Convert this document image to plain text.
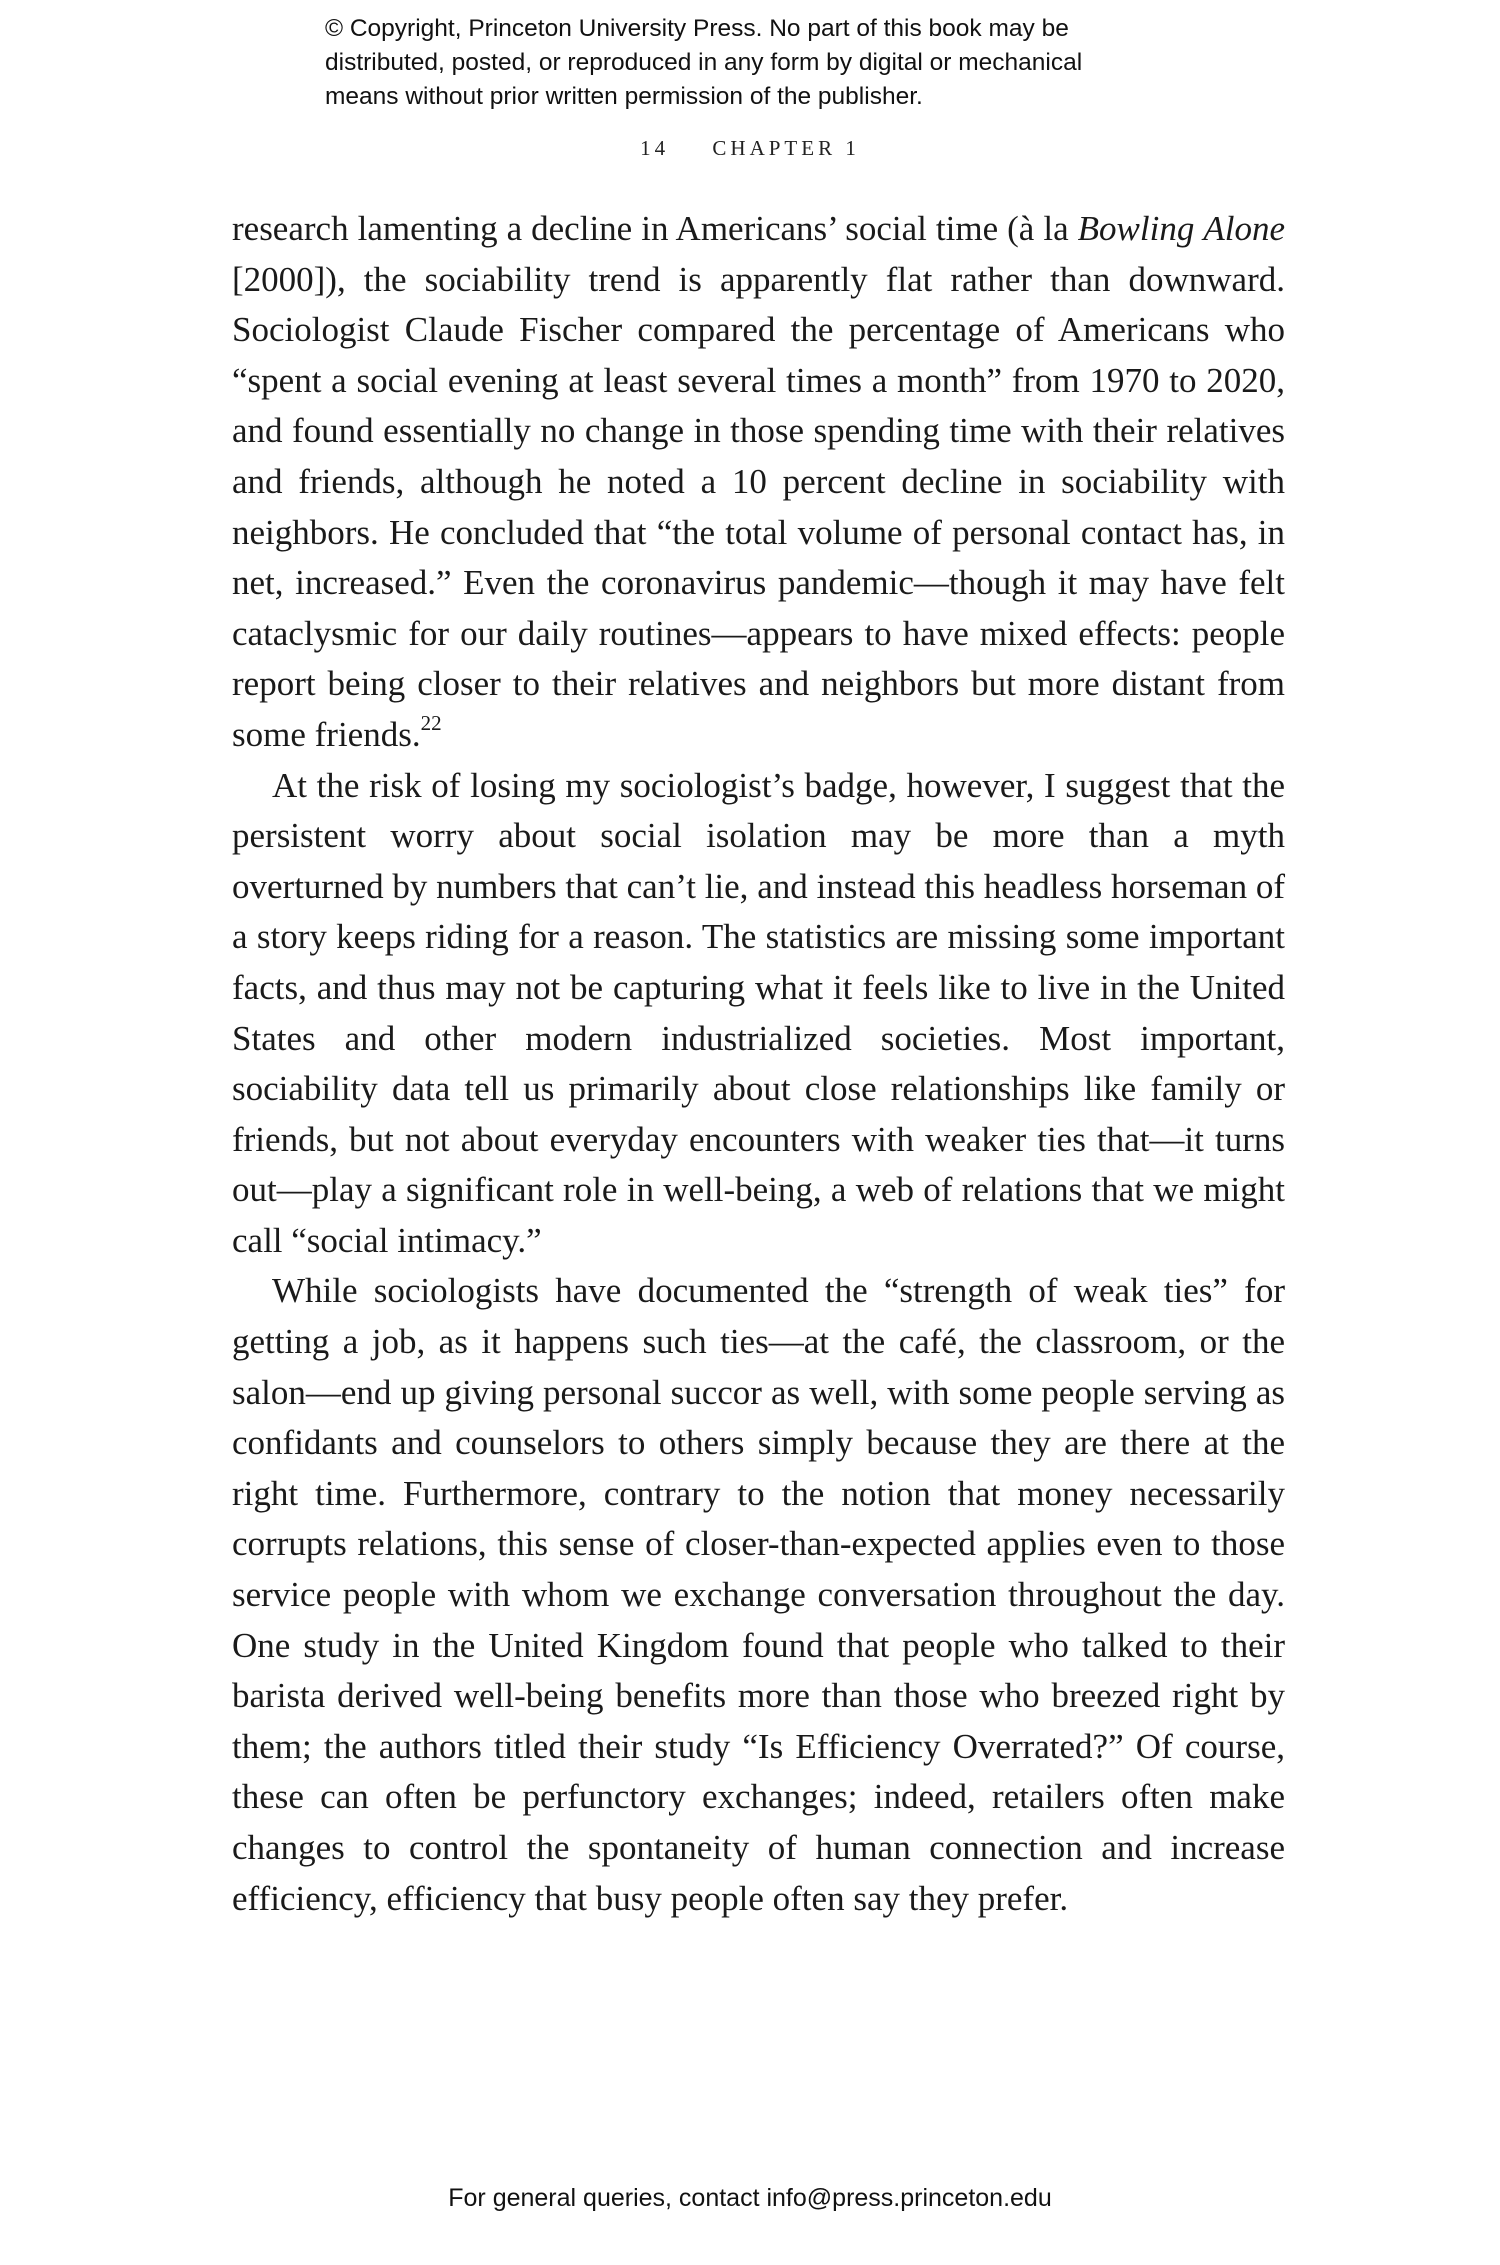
© Copyright, Princeton University Press. No part of this book may be
distributed, posted, or reproduced in any form by digital or mechanical
means without prior written permission of the publisher.
14 CHAPTER 1

research lamenting a decline in Americans’ social time (à la Bowling Alone [2000]), the sociability trend is apparently flat rather than downward. Sociologist Claude Fischer compared the percentage of Americans who “spent a social evening at least several times a month” from 1970 to 2020, and found essentially no change in those spending time with their relatives and friends, although he noted a 10 percent decline in sociability with neighbors. He concluded that “the total volume of personal contact has, in net, increased.” Even the coronavirus pandemic—though it may have felt cataclysmic for our daily routines—appears to have mixed effects: people report being closer to their relatives and neighbors but more distant from some friends.$^{22}$

At the risk of losing my sociologist’s badge, however, I suggest that the persistent worry about social isolation may be more than a myth overturned by numbers that can’t lie, and instead this headless horseman of a story keeps riding for a reason. The statistics are missing some important facts, and thus may not be capturing what it feels like to live in the United States and other modern industrialized societies. Most important, sociability data tell us primarily about close relationships like family or friends, but not about everyday encounters with weaker ties that—it turns out—play a significant role in well-being, a web of relations that we might call “social intimacy.”

While sociologists have documented the “strength of weak ties” for getting a job, as it happens such ties—at the café, the classroom, or the salon—end up giving personal succor as well, with some people serving as confidants and counselors to others simply because they are there at the right time. Furthermore, contrary to the notion that money necessarily corrupts relations, this sense of closer-than-expected applies even to those service people with whom we exchange conversation throughout the day. One study in the United Kingdom found that people who talked to their barista derived well-being benefits more than those who breezed right by them; the authors titled their study “Is Efficiency Overrated?” Of course, these can often be perfunctory exchanges; indeed, retailers often make changes to control the spontaneity of human connection and increase efficiency, efficiency that busy people often say they prefer.

For general queries, contact info@press.princeton.edu
